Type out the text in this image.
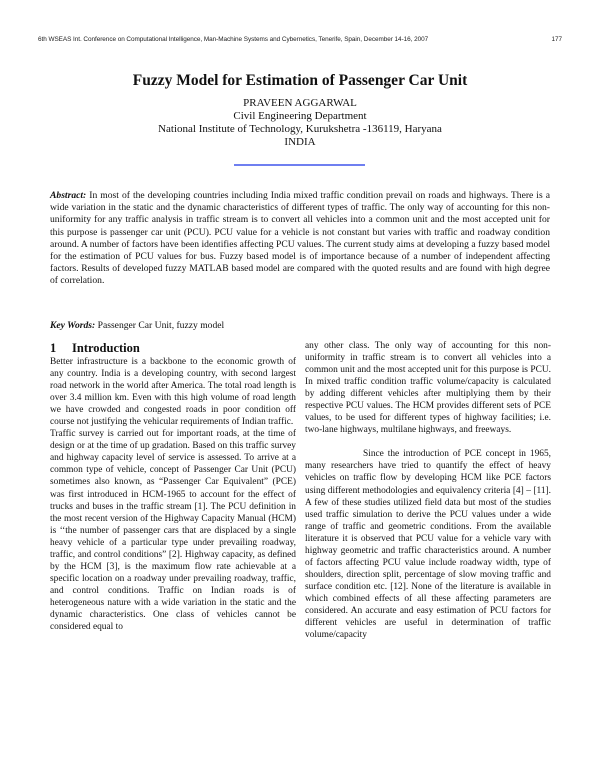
6th WSEAS Int. Conference on Computational Intelligence, Man-Machine Systems and Cybernetics, Tenerife, Spain, December 14-16, 2007	177
Fuzzy Model for Estimation of Passenger Car Unit
PRAVEEN AGGARWAL
Civil Engineering Department
National Institute of Technology, Kurukshetra -136119, Haryana
INDIA
Abstract: In most of the developing countries including India mixed traffic condition prevail on roads and highways. There is a wide variation in the static and the dynamic characteristics of different types of traffic. The only way of accounting for this non-uniformity for any traffic analysis in traffic stream is to convert all vehicles into a common unit and the most accepted unit for this purpose is passenger car unit (PCU). PCU value for a vehicle is not constant but varies with traffic and roadway condition around. A number of factors have been identifies affecting PCU values. The current study aims at developing a fuzzy based model for the estimation of PCU values for bus. Fuzzy based model is of importance because of a number of independent affecting factors. Results of developed fuzzy MATLAB based model are compared with the quoted results and are found with high degree of correlation.
Key Words: Passenger Car Unit, fuzzy model
1 Introduction

Better infrastructure is a backbone to the economic growth of any country. India is a developing country, with second largest road network in the world after America. The total road length is over 3.4 million km. Even with this high volume of road length we have crowded and congested roads in poor condition off course not justifying the vehicular requirements of Indian traffic.

Traffic survey is carried out for important roads, at the time of design or at the time of up gradation. Based on this traffic survey and highway capacity level of service is assessed. To arrive at a common type of vehicle, concept of Passenger Car Unit (PCU) sometimes also known, as “Passenger Car Equivalent” (PCE) was first introduced in HCM-1965 to account for the effect of trucks and buses in the traffic stream [1]. The PCU definition in the most recent version of the Highway Capacity Manual (HCM) is ‘‘the number of passenger cars that are displaced by a single heavy vehicle of a particular type under prevailing roadway, traffic, and control conditions” [2]. Highway capacity, as defined by the HCM [3], is the maximum flow rate achievable at a specific location on a roadway under prevailing roadway, traffic, and control conditions. Traffic on Indian roads is of heterogeneous nature with a wide variation in the static and the dynamic characteristics. One class of vehicles cannot be considered equal to

any other class. The only way of accounting for this non-uniformity in traffic stream is to convert all vehicles into a common unit and the most accepted unit for this purpose is PCU. In mixed traffic condition traffic volume/capacity is calculated by adding different vehicles after multiplying them by their respective PCU values. The HCM provides different sets of PCE values, to be used for different types of highway facilities; i.e. two-lane highways, multilane highways, and freeways.

Since the introduction of PCE concept in 1965, many researchers have tried to quantify the effect of heavy vehicles on traffic flow by developing HCM like PCE factors using different methodologies and equivalency criteria [4] – [11]. A few of these studies utilized field data but most of the studies used traffic simulation to derive the PCU values under a wide range of traffic and geometric conditions. From the available literature it is observed that PCU value for a vehicle vary with highway geometric and traffic characteristics around. A number of factors affecting PCU value include roadway width, type of shoulders, direction split, percentage of slow moving traffic and surface condition etc. [12]. None of the literature is available in which combined effects of all these affecting parameters are considered. An accurate and easy estimation of PCU factors for different vehicles are useful in determination of traffic volume/capacity
